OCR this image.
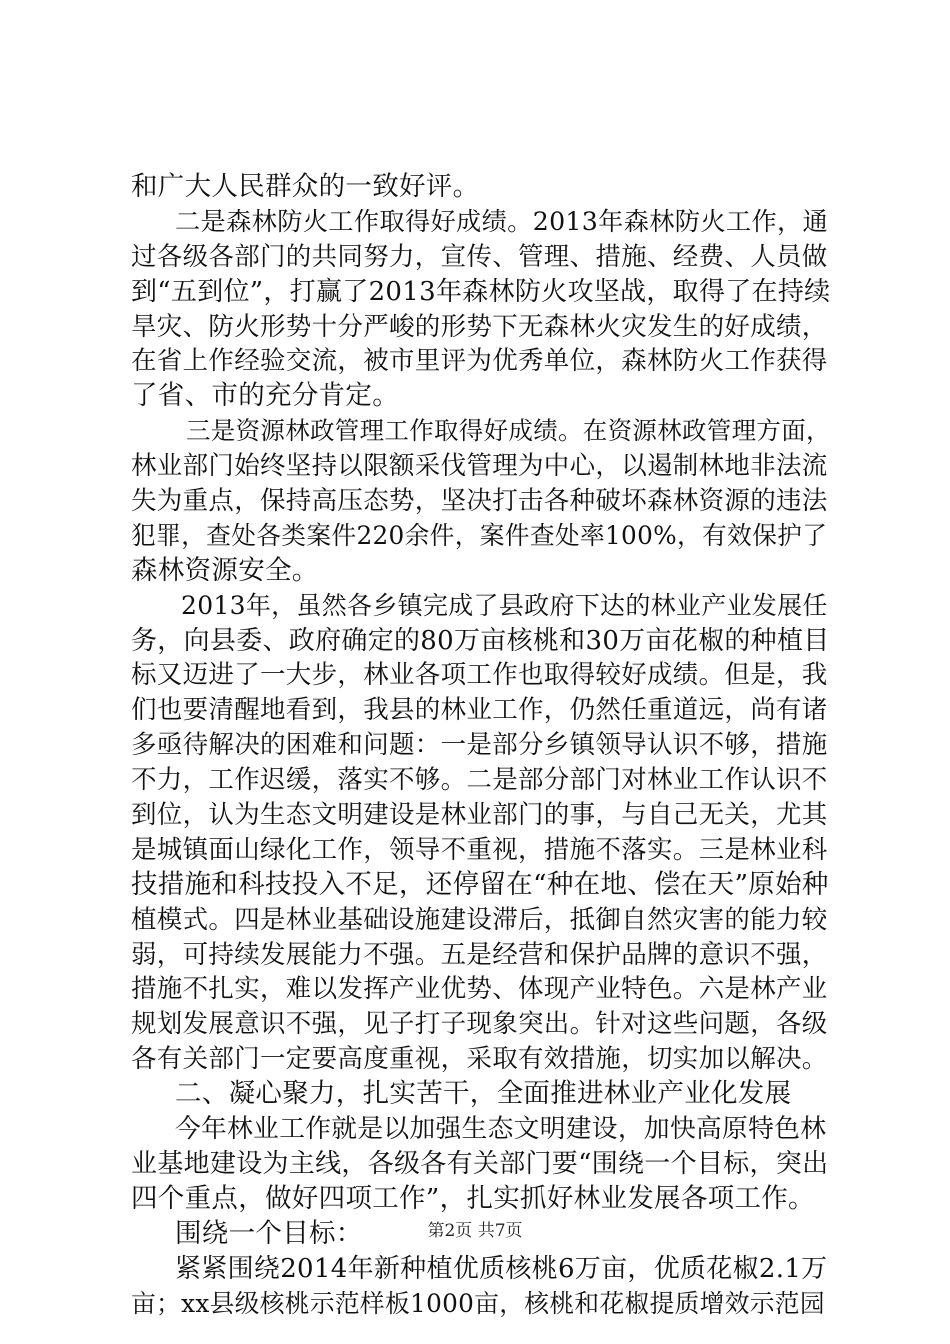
和广大人民群众的一致好评。
二是森林防火工作取得好成绩。2013年森林防火工作，通
过各级各部门的共同努力，宣传、管理、措施、经费、人员做
到“五到位”，打赢了2013年森林防火攻坚战，取得了在持续
旱灾、防火形势十分严峻的形势下无森林火灾发生的好成绩，
在省上作经验交流，被市里评为优秀单位，森林防火工作获得
了省、市的充分肯定。
三是资源林政管理工作取得好成绩。在资源林政管理方面，
林业部门始终坚持以限额采伐管理为中心，以遏制林地非法流
失为重点，保持高压态势，坚决打击各种破坏森林资源的违法
犯罪，查处各类案件220余件，案件查处率100%，有效保护了
森林资源安全。
2013年，虽然各乡镇完成了县政府下达的林业产业发展任
务，向县委、政府确定的80万亩核桃和30万亩花椒的种植目
标又迈进了一大步，林业各项工作也取得较好成绩。但是，我
们也要清醒地看到，我县的林业工作，仍然任重道远，尚有诸
多亟待解决的困难和问题：一是部分乡镇领导认识不够，措施
不力，工作迟缓，落实不够。二是部分部门对林业工作认识不
到位，认为生态文明建设是林业部门的事，与自己无关，尤其
是城镇面山绿化工作，领导不重视，措施不落实。三是林业科
技措施和科技投入不足，还停留在“种在地、偿在天”原始种
植模式。四是林业基础设施建设滞后，抵御自然灾害的能力较
弱，可持续发展能力不强。五是经营和保护品牌的意识不强，
措施不扎实，难以发挥产业优势、体现产业特色。六是林产业
规划发展意识不强，见子打子现象突出。针对这些问题，各级
各有关部门一定要高度重视，采取有效措施，切实加以解决。
二、凝心聚力，扎实苦干，全面推进林业产业化发展
今年林业工作就是以加强生态文明建设，加快高原特色林
业基地建设为主线，各级各有关部门要“围绕一个目标，突出
四个重点，做好四项工作”，扎实抓好林业发展各项工作。
围绕一个目标：
紧紧围绕2014年新种植优质核桃6万亩，优质花椒2.1万
亩；xx县级核桃示范样板1000亩，核桃和花椒提质增效示范园
第2页 共7页
